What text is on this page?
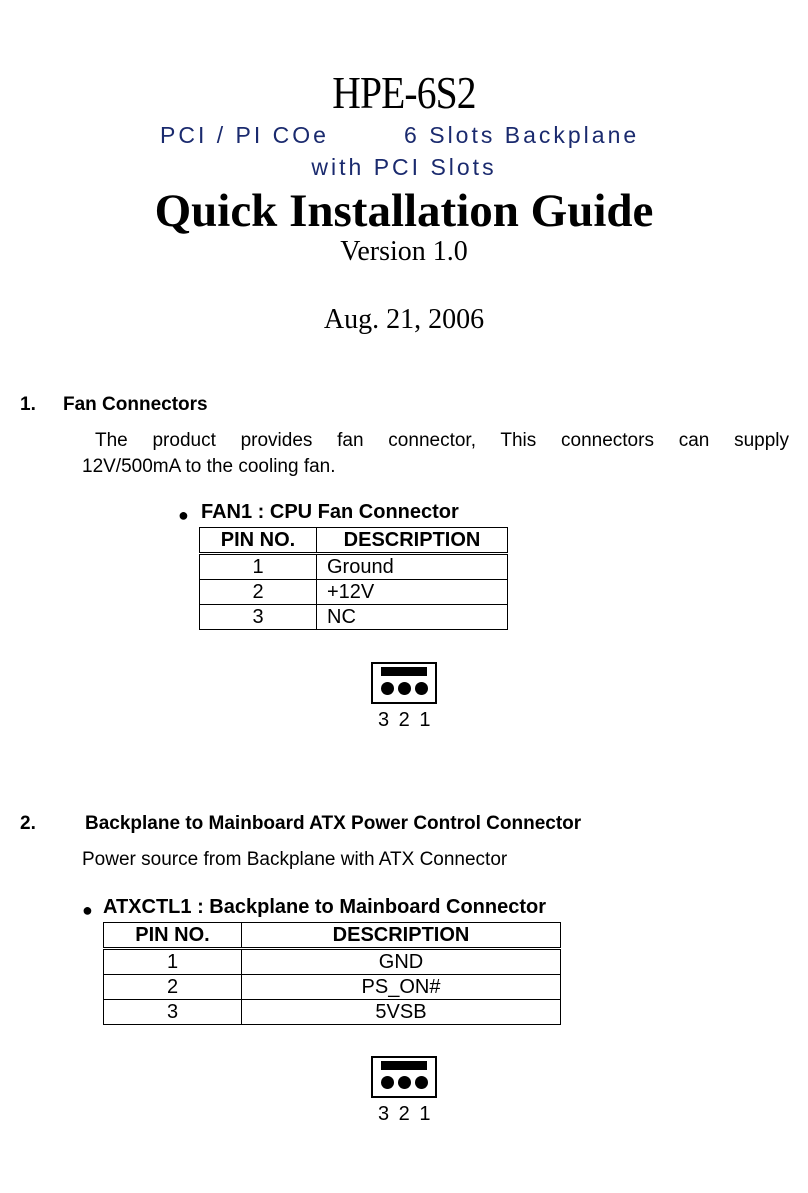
HPE-6S2
PCI / PI COe        6 Slots Backplane
with PCI Slots
Quick Installation Guide
Version 1.0
Aug. 21, 2006
1. Fan Connectors
The product provides fan connector, This connectors can supply
12V/500mA to the cooling fan.
● FAN1 : CPU Fan Connector
PIN NO.	DESCRIPTION
1	Ground
2	+12V
3	NC
3 2 1
2.	Backplane to Mainboard ATX Power Control Connector
Power source from Backplane with ATX Connector
● ATXCTL1 : Backplane to Mainboard Connector
PIN NO.	DESCRIPTION
1	GND
2	PS_ON#
3	5VSB
3 2 1
